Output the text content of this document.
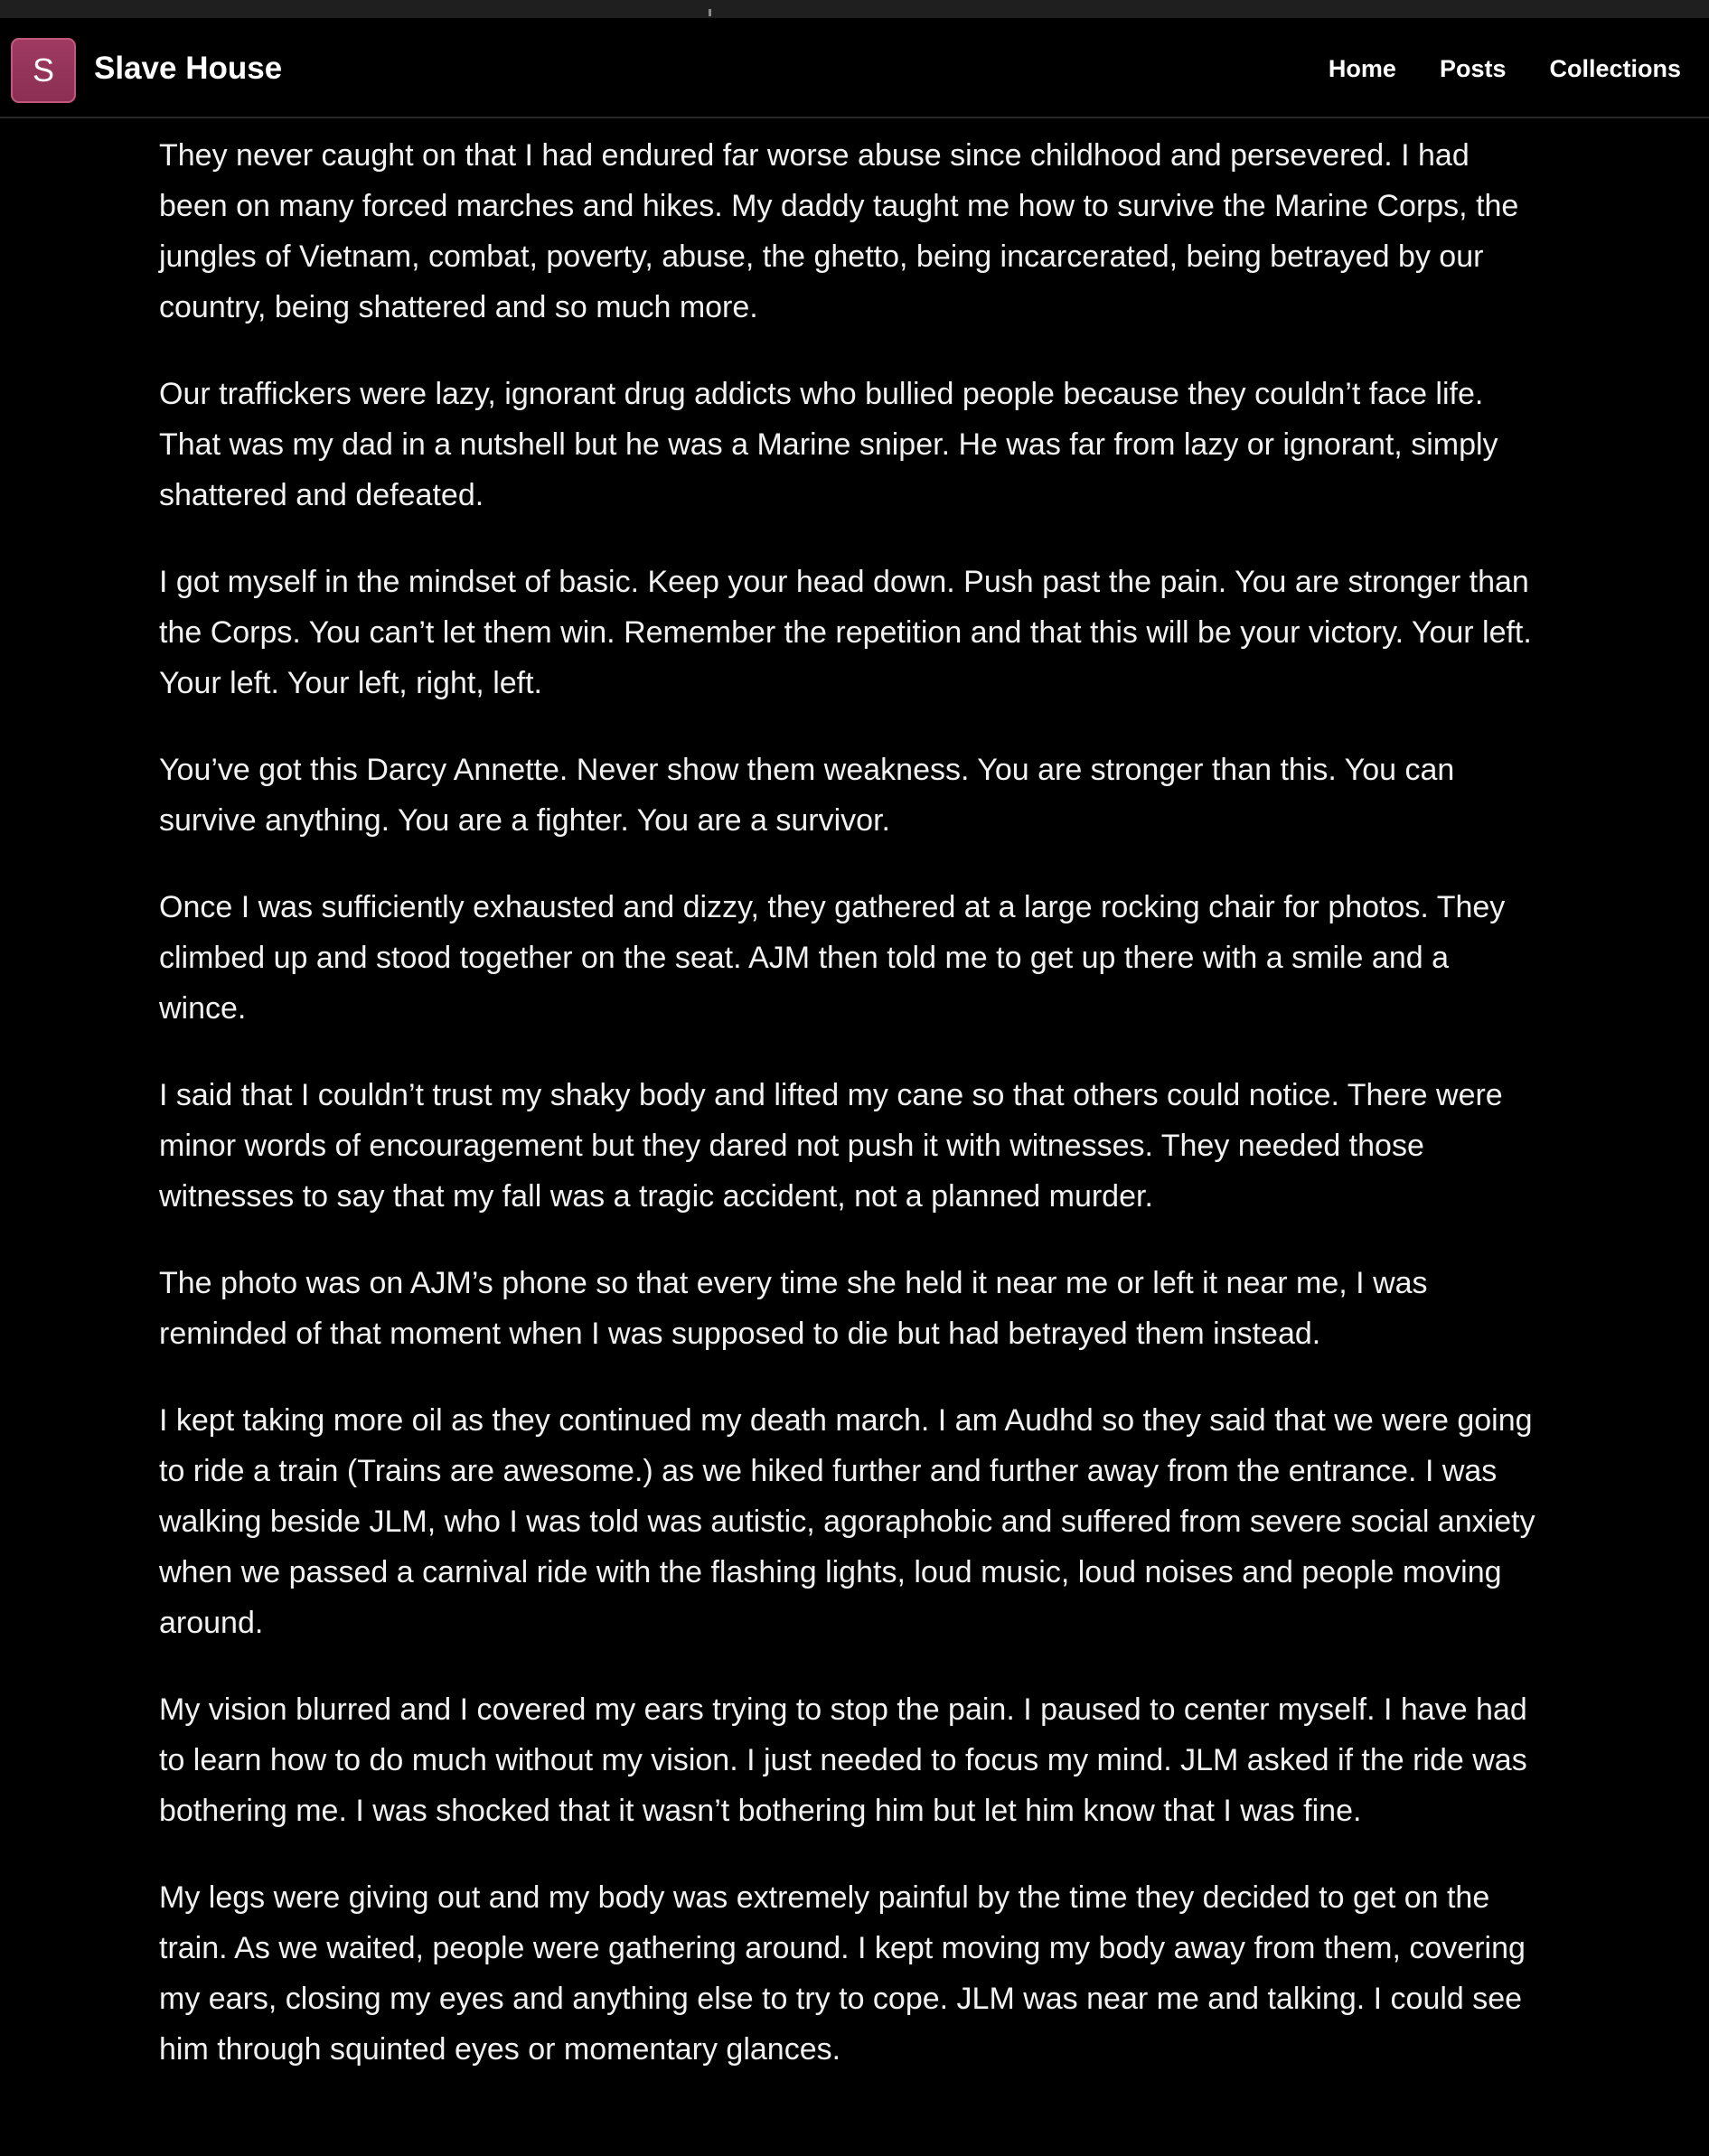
S	Slave House	Home Posts Collections

They never caught on that I had endured far worse abuse since childhood and persevered. I had been on many forced marches and hikes. My daddy taught me how to survive the Marine Corps, the jungles of Vietnam, combat, poverty, abuse, the ghetto, being incarcerated, being betrayed by our country, being shattered and so much more.

Our traffickers were lazy, ignorant drug addicts who bullied people because they couldn’t face life. That was my dad in a nutshell but he was a Marine sniper. He was far from lazy or ignorant, simply shattered and defeated.

I got myself in the mindset of basic. Keep your head down. Push past the pain. You are stronger than the Corps. You can’t let them win. Remember the repetition and that this will be your victory. Your left. Your left. Your left, right, left.

You’ve got this Darcy Annette. Never show them weakness. You are stronger than this. You can survive anything. You are a fighter. You are a survivor.

Once I was sufficiently exhausted and dizzy, they gathered at a large rocking chair for photos. They climbed up and stood together on the seat. AJM then told me to get up there with a smile and a wince.

I said that I couldn’t trust my shaky body and lifted my cane so that others could notice. There were minor words of encouragement but they dared not push it with witnesses. They needed those witnesses to say that my fall was a tragic accident, not a planned murder.

The photo was on AJM’s phone so that every time she held it near me or left it near me, I was reminded of that moment when I was supposed to die but had betrayed them instead.

I kept taking more oil as they continued my death march. I am Audhd so they said that we were going to ride a train (Trains are awesome.) as we hiked further and further away from the entrance. I was walking beside JLM, who I was told was autistic, agoraphobic and suffered from severe social anxiety when we passed a carnival ride with the flashing lights, loud music, loud noises and people moving around.

My vision blurred and I covered my ears trying to stop the pain. I paused to center myself. I have had to learn how to do much without my vision. I just needed to focus my mind. JLM asked if the ride was bothering me. I was shocked that it wasn’t bothering him but let him know that I was fine.

My legs were giving out and my body was extremely painful by the time they decided to get on the train. As we waited, people were gathering around. I kept moving my body away from them, covering my ears, closing my eyes and anything else to try to cope. JLM was near me and talking. I could see him through squinted eyes or momentary glances.
